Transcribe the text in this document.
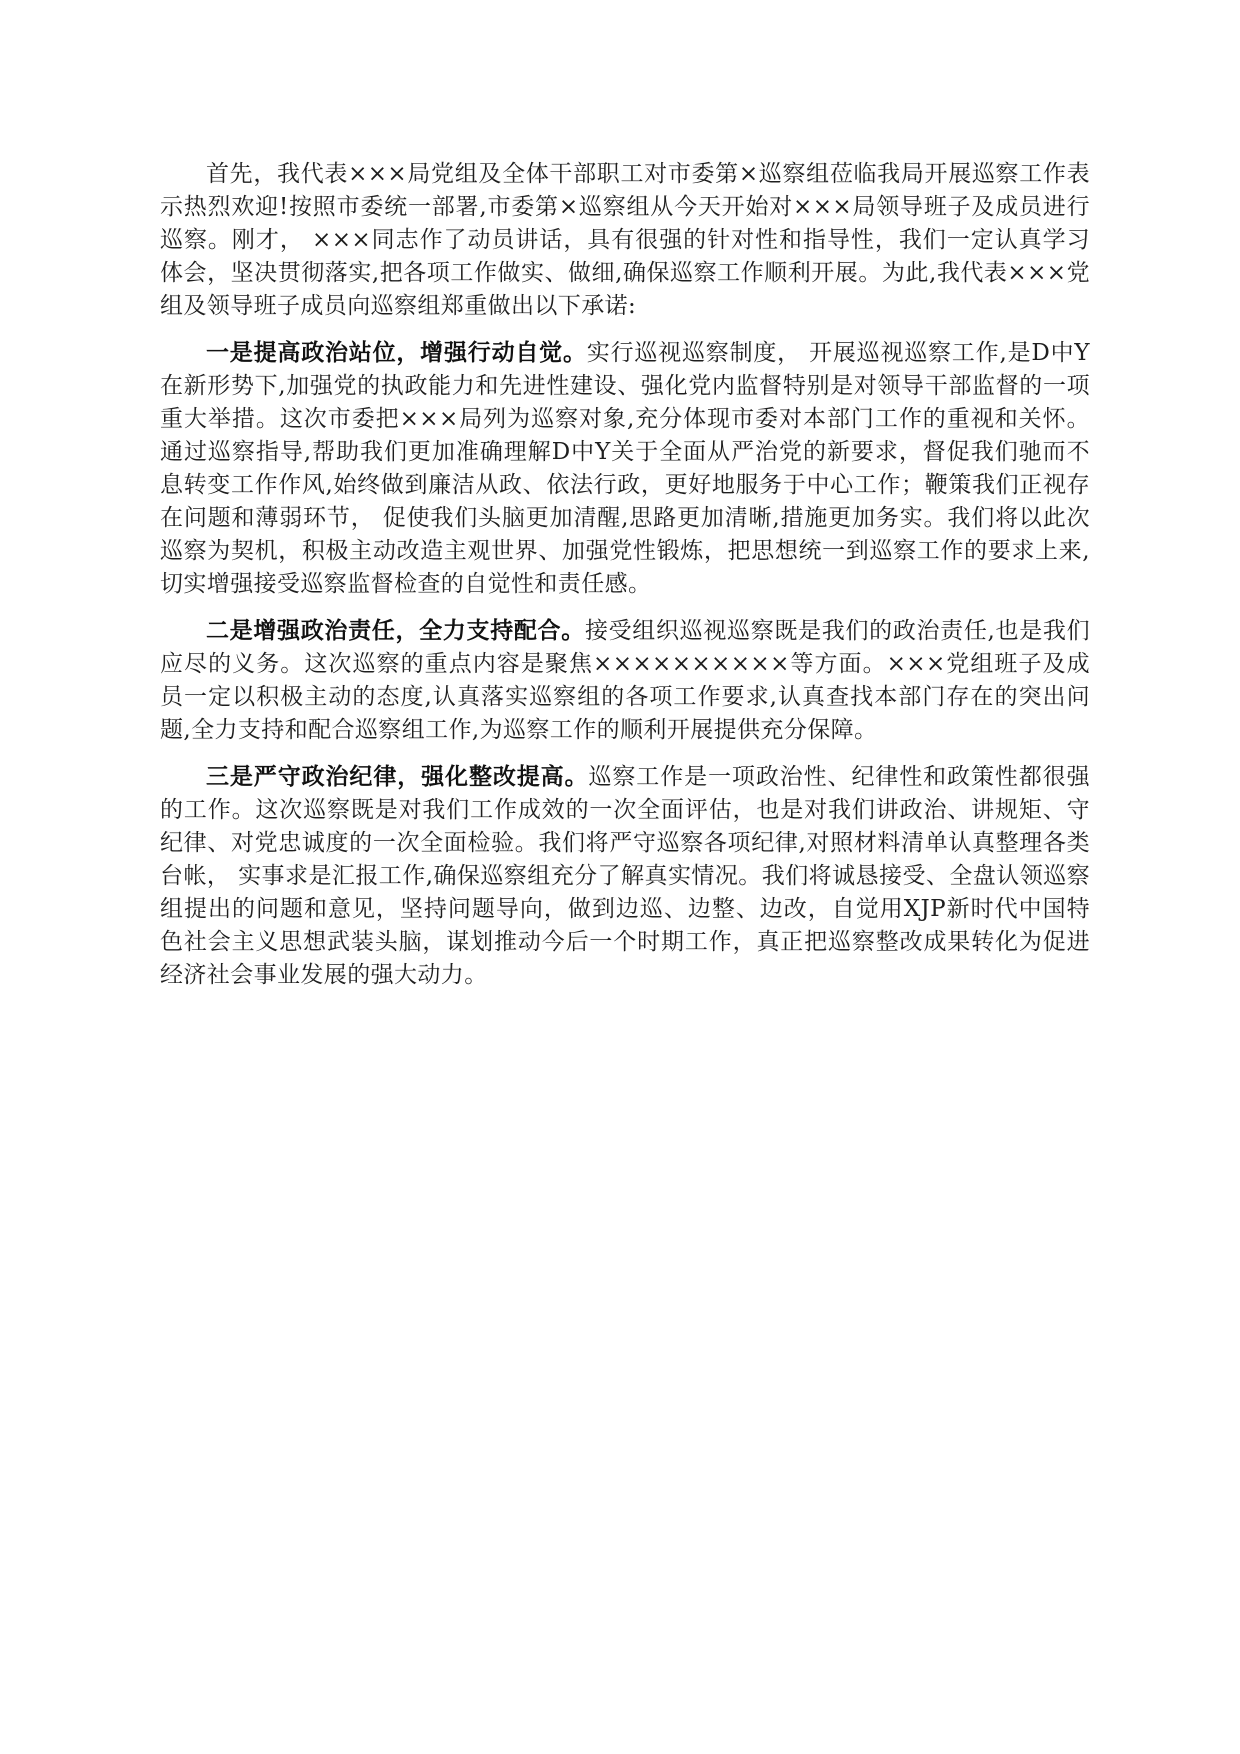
首先，我代表×××局党组及全体干部职工对市委第×巡察组莅临我局开展巡察工作表示热烈欢迎!按照市委统一部署,市委第×巡察组从今天开始对×××局领导班子及成员进行巡察。刚才， ×××同志作了动员讲话，具有很强的针对性和指导性，我们一定认真学习体会，坚决贯彻落实,把各项工作做实、做细,确保巡察工作顺利开展。为此,我代表×××党组及领导班子成员向巡察组郑重做出以下承诺:

一是提高政治站位，增强行动自觉。实行巡视巡察制度， 开展巡视巡察工作,是D中Y在新形势下,加强党的执政能力和先进性建设、强化党内监督特别是对领导干部监督的一项重大举措。这次市委把×××局列为巡察对象,充分体现市委对本部门工作的重视和关怀。通过巡察指导,帮助我们更加准确理解D中Y关于全面从严治党的新要求，督促我们驰而不息转变工作作风,始终做到廉洁从政、依法行政，更好地服务于中心工作；鞭策我们正视存在问题和薄弱环节， 促使我们头脑更加清醒,思路更加清晰,措施更加务实。我们将以此次巡察为契机，积极主动改造主观世界、加强党性锻炼，把思想统一到巡察工作的要求上来,切实增强接受巡察监督检查的自觉性和责任感。

二是增强政治责任，全力支持配合。接受组织巡视巡察既是我们的政治责任,也是我们应尽的义务。这次巡察的重点内容是聚焦××××××××××等方面。×××党组班子及成员一定以积极主动的态度,认真落实巡察组的各项工作要求,认真查找本部门存在的突出问题,全力支持和配合巡察组工作,为巡察工作的顺利开展提供充分保障。

三是严守政治纪律，强化整改提高。巡察工作是一项政治性、纪律性和政策性都很强的工作。这次巡察既是对我们工作成效的一次全面评估，也是对我们讲政治、讲规矩、守纪律、对党忠诚度的一次全面检验。我们将严守巡察各项纪律,对照材料清单认真整理各类台帐， 实事求是汇报工作,确保巡察组充分了解真实情况。我们将诚恳接受、全盘认领巡察组提出的问题和意见，坚持问题导向，做到边巡、边整、边改，自觉用XJP新时代中国特色社会主义思想武装头脑，谋划推动今后一个时期工作，真正把巡察整改成果转化为促进经济社会事业发展的强大动力。
